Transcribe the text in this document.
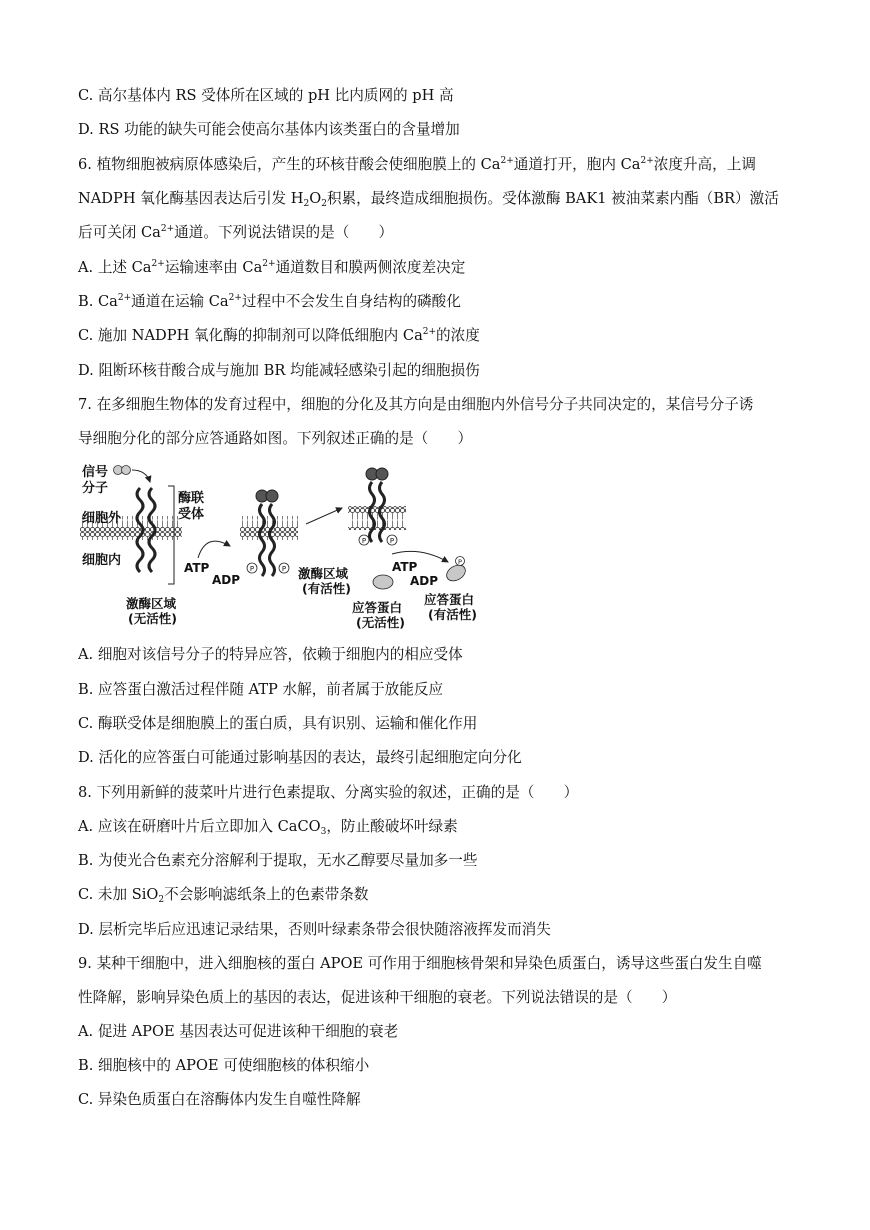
C. 高尔基体内 RS 受体所在区域的 pH 比内质网的 pH 高
D. RS 功能的缺失可能会使高尔基体内该类蛋白的含量增加
6. 植物细胞被病原体感染后，产生的环核苷酸会使细胞膜上的 $Ca^{2+}$通道打开，胞内 $Ca^{2+}$浓度升高，上调
NADPH 氧化酶基因表达后引发 $H_2O_2$积累，最终造成细胞损伤。受体激酶 BAK1 被油菜素内酯（BR）激活
后可关闭 $Ca^{2+}$通道。下列说法错误的是（　　）
A. 上述 $Ca^{2+}$运输速率由 $Ca^{2+}$通道数目和膜两侧浓度差决定
B. $Ca^{2+}$通道在运输 $Ca^{2+}$过程中不会发生自身结构的磷酸化
C. 施加 NADPH 氧化酶的抑制剂可以降低细胞内 $Ca^{2+}$的浓度
D. 阻断环核苷酸合成与施加 BR 均能减轻感染引起的细胞损伤
7. 在多细胞生物体的发育过程中，细胞的分化及其方向是由细胞内外信号分子共同决定的，某信号分子诱
导细胞分化的部分应答通路如图。下列叙述正确的是（　　）
信号
分子
细胞外
细胞内
酶联
受体
激酶区域
(无活性)
ATP
ADP
P	P 激酶区域
(有活性)
P	P
ATP
ADP
P
应答蛋白
(无活性)
应答蛋白
(有活性)
A. 细胞对该信号分子的特异应答，依赖于细胞内的相应受体
B. 应答蛋白激活过程伴随 ATP 水解，前者属于放能反应
C. 酶联受体是细胞膜上的蛋白质，具有识别、运输和催化作用
D. 活化的应答蛋白可能通过影响基因的表达，最终引起细胞定向分化
8. 下列用新鲜的菠菜叶片进行色素提取、分离实验的叙述，正确的是（　　）
A. 应该在研磨叶片后立即加入 CaCO$_3$，防止酸破坏叶绿素
B. 为使光合色素充分溶解利于提取，无水乙醇要尽量加多一些
C. 未加 SiO$_2$不会影响滤纸条上的色素带条数
D. 层析完毕后应迅速记录结果，否则叶绿素条带会很快随溶液挥发而消失
9. 某种干细胞中，进入细胞核的蛋白 APOE 可作用于细胞核骨架和异染色质蛋白，诱导这些蛋白发生自噬
性降解，影响异染色质上的基因的表达，促进该种干细胞的衰老。下列说法错误的是（　　）
A. 促进 APOE 基因表达可促进该种干细胞的衰老
B. 细胞核中的 APOE 可使细胞核的体积缩小
C. 异染色质蛋白在溶酶体内发生自噬性降解
